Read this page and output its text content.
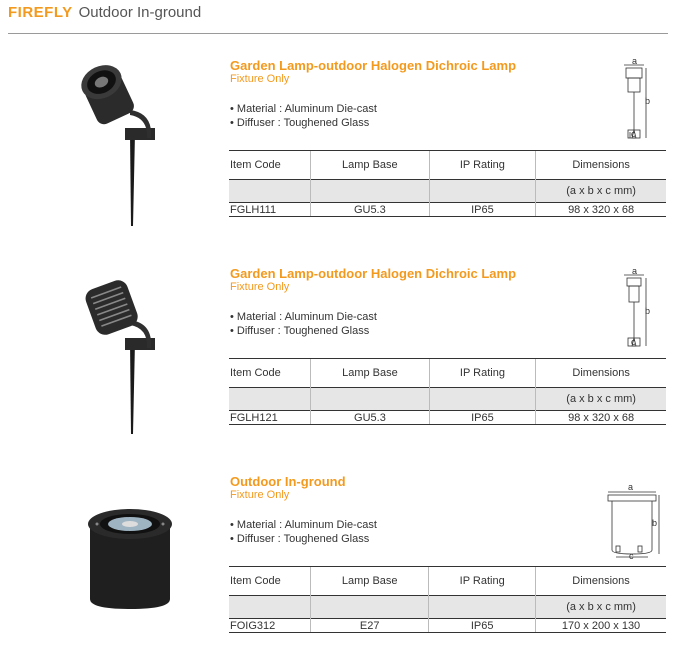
FIREFLY Outdoor In-ground
Garden Lamp-outdoor Halogen Dichroic Lamp
Fixture Only
• Material : Aluminum Die-cast
• Diffuser : Toughened Glass
a
b
c
Item Code	Lamp Base	IP Rating	Dimensions
			(a x b x c mm)
FGLH111	GU5.3	IP65	98 x 320 x 68
Garden Lamp-outdoor Halogen Dichroic Lamp
Fixture Only
• Material : Aluminum Die-cast
• Diffuser : Toughened Glass
a
b
c
Item Code	Lamp Base	IP Rating	Dimensions
			(a x b x c mm)
FGLH121	GU5.3	IP65	98 x 320 x 68
Outdoor In-ground
Fixture Only
• Material : Aluminum Die-cast
• Diffuser : Toughened Glass
a
b
c
Item Code	Lamp Base	IP Rating	Dimensions
			(a x b x c mm)
FOIG312	E27	IP65	170 x 200 x 130
